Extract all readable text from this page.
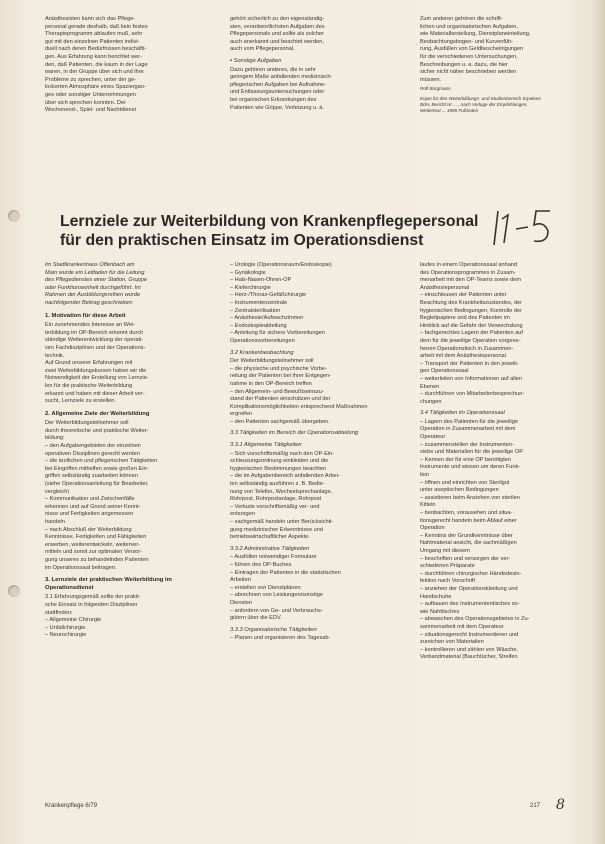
Anästhesisten kann sich das Pflege-

personal gerade deshalb, daß kein festes

Therapieprogramm ablaufen muß, sehr

gut mit den einzelnen Patienten indivi-

duell nach deren Bedürfnissen beschäfti-

gen. Aus Erfahrung kann berichtet wer-

den, daß Patienten, die kaum in der Lage

waren, in der Gruppe über sich und ihre

Probleme zu sprechen, unter der ge-

lockerten Atmosphäre eines Spaziergan-

ges oder sonstiger Unternehmungen

über sich sprechen konnten. Der

Wochenend-, Spiel- und Nachtdienst

gehört sicherlich zu den eigenständig-

sten, verantwortlichsten Aufgaben des

Pflegepersonals und sollte als solcher

auch anerkannt und beachtet werden,

auch vom Pflegepersonal.

▪ Sonstige Aufgaben

Dazu gehören anderes, die in sehr

geringem Maße anfallenden medizinisch-

pflegerischen Aufgaben bei Aufnahme-

und Entlassungsuntersuchungen oder

bei organischen Erkrankungen des

Patienten wie Grippe, Verletzung u. ä.

Zum anderen gehören die schrift-

lichen und organisatorischen Aufgaben,

wie Materialbestellung, Dienstplaneinteilung,

Beobachtungsbogen- und Kurvenfüh-

rung, Ausfüllen von Geldbescheinigungen

für die verschiedenen Untersuchungen,

Beschreibungen u. a. dazu, die hier

sicher nicht näher beschrieben werden

müssen.

Rolf Borgmann

Kopie für den Weiterbildungs- und Studienbereich Erpekom

BdH, Bericht Nr. ..., nach Vorlage der Empfehlungen,

Weitertext ... 1985 Fußnoten

Lernziele zur Weiterbildung von Krankenpflegepersonal
für den praktischen Einsatz im Operationsdienst

Im Stadtkrankenhaus Offenbach am

Main wurde ein Leitfaden für die Leitung

des Pflegedienstes einer Station, Gruppe

oder Funktionseinheit durchgeführt. Im

Rahmen der Ausbildungsreihen wurde

nachfolgender Beitrag geschrieben:

1. Motivation für diese Arbeit

Ein zunehmendes Interesse an Wei-

terbildung im OP-Bereich erkennt durch

ständige Weiterentwicklung der operati-

ven Fachdisziplinen und der Operations-

technik.

Auf Grund unserer Erfahrungen mit

zwei Weiterbildungskursen haben wir die

Notwendigkeit der Erstellung von Lernzie-

len für die praktische Weiterbildung

erkannt und haben mit dieser Arbeit ver-

sucht, Lernziele zu erstellen.

2. Allgemeine Ziele der Weiterbildung

Der Weiterbildungsteilnehmer soll

durch theoretische und praktische Weiter-

bildung:

– den Aufgabengebieten der einzelnen

operativen Disziplinen gerecht werden

– die ärztlichen und pflegerischen Tätigkeiten

bei Eingriffen mithelfen sowie großen Ein-

griffen selbständig zuarbeiten können

(siehe Operationsanleitung für Bearbeiter,

vergleich)

– Kommunikation und Zwischenfälle

erkennen und auf Grund seiner Kennt-

nisse und Fertigkeiten angemessen

handeln

– nach Abschluß der Weiterbildung

Kenntnisse, Fertigkeiten und Fähigkeiten

erwerben, weiterentwickeln, weiterver-

mitteln und somit zur optimalen Versor-

gung unseres zu behandelnden Patienten

im Operationssaal beitragen.

3. Lernziele der praktischen Weiterbildung im Operationsdienst

3.1 Erfahrungsgemäß sollte der prakti-

sche Einsatz in folgenden Disziplinen

stattfinden:

– Allgemeine Chirurgie

– Unfallchirurgie

– Neurochirurgie

– Urologie (Operationsraum/Endoskopie)

– Gynäkologie

– Hals-Nasen-Ohren-OP

– Kieferchirurgie

– Herz-/Thorax-Gefäßchirurgie

– Instrumentenzentrale

– Zentralsterilisation

– Anästhesie/Aufwachzimmer

– Endoskopieabteilung

– Anleitung für sichere Vorbereitungen

Operationsvorbereitungen

3.2 Krankenbeobachtung

Der Weiterbildungsteilnehmer soll

– die physische und psychische Vorbe-

reitung der Patienten bei ihrer Entgegen-

nahme in den OP-Bereich treffen

– den Allgemein- und Bewußtseinszu-

stand der Patienten einschätzen und der

Komplikationsmöglichkeiten entsprechend Maßnahmen

ergreifen

– den Patienten sachgemäß übergeben.

3.3 Tätigkeiten im Bereich der Operationsabteilung
3.3.1 Allgemeine Tätigkeiten

– Sich vorschriftsmäßig nach den OP-Ein-

schleusungsordnung einkleiden und die

hygienischen Bestimmungen beachten

– die im Aufgabenbereich anfallenden Arbei-

ten selbständig ausführen z. B. Bedie-

nung von Telefon, Wechselsprechanlage,

Rohrpost, Rohrpostanlage, Rohrpost

– Verluste vorschriftsmäßig ver- und

entsorgen

– sachgemäß handeln unter Berücksichti-

gung medizinischer Erkenntnisse und

betriebswirtschaftlicher Aspekte.

3.3.2 Administrative Tätigkeiten

– Ausfüllen notwendiger Formulare

– führen des OP-Buches

– Eintragen der Patienten in die statistischen

Arbeiten

– erstellen von Dienstplänen

– abrechnen von Leistungen/sonstige

Diensten

– anfordern von Ge- und Verbrauchs-

gütern über die EDV.

3.3.3 Organisatorische Tätigkeiten

– Planen und organisieren des Tagesab-

laufes in einem Operationssaal anhand

des Operationsprogrammes in Zusam-

menarbeit mit den OP-Teams sowie dem

Anästhesiepersonal

– einschleusen der Patienten unter

Beachtung des Krankheitszustandes, der

hygienischen Bedingungen, Kontrolle der

Begleitpapiere und des Patienten im

Hinblick auf die Gefahr der Verwechslung

– fachgerechtes Lagern der Patienten auf

dem für die jeweilige Operation vorgese-

henen Operationstisch in Zusammen-

arbeit mit dem Anästhesiepersonal

– Transport der Patienten in den jeweili-

gen Operationssaal

– weiterleiten von Informationen auf allen

Ebenen

– durchführen von Mitarbeiterbesprechun-

chungen

3.4 Tätigkeiten im Operationssaal

– Lagern des Patienten für die jeweilige

Operation in Zusammenarbeit mit dem

Operateur

– zusammenstellen der Instrumenten-

siebe und Materialien für die jeweilige OP

– Kennen der für eine OP benötigten

Instrumente und wissen um deren Funk-

tion

– öffnen und einrichten von Sterilgut

unter aseptischen Bedingungen

– assistieren beim Anziehen von sterilen

Kitteln

– beobachten, vorausehen und situa-

tionsgerecht handeln beim Ablauf einer

Operation

– Kenntnis der Grundkenntnisse über

Nahtmaterial ansicht, die sachmäßigen

Umgang mit diesem

– beschriften und versorgen der ver-

schiedenen Präparate

– durchführen chirurgischer Händedesin-

fektion nach Vorschrift

– anziehen der Operationskleidung und

Handschuhe

– aufbauen des Instrumententisches so-

wie Nahttisches

– abwaschen des Operationsgebietes in Zu-

sammenarbeit mit dem Operateur

– situationsgerecht Instrumentieren und

zureichen von Materialien

– kontrollieren und zählen von Wäsche,

Verbandmaterial (Bauchtücher, Streifen

Krankenpflege 6/79	217 8
